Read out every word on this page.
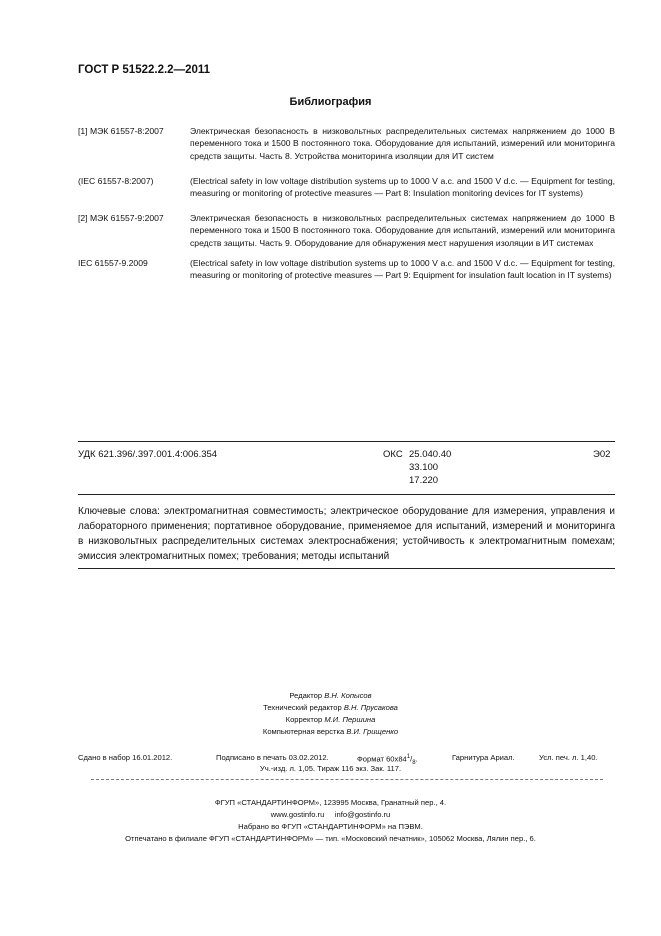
ГОСТ Р 51522.2.2—2011
Библиография
[1] МЭК 61557-8:2007	Электрическая безопасность в низковольтных распределительных системах напряжением до 1000 В переменного тока и 1500 В постоянного тока. Оборудование для испытаний, измерений или мониторинга средств защиты. Часть 8. Устройства мониторинга изоляции для ИТ систем
(IEC 61557-8:2007)	(Electrical safety in low voltage distribution systems up to 1000 V a.c. and 1500 V d.c. — Equipment for testing, measuring or monitoring of protective measures — Part 8: Insulation monitoring devices for IT systems)
[2] МЭК 61557-9:2007	Электрическая безопасность в низковольтных распределительных системах напряжением до 1000 В переменного тока и 1500 В постоянного тока. Оборудование для испытаний, измерений или мониторинга средств защиты. Часть 9. Оборудование для обнаружения мест нарушения изоляции в ИТ системах
IEC 61557-9.2009	(Electrical safety in low voltage distribution systems up to 1000 V a.c. and 1500 V d.c. — Equipment for testing, measuring or monitoring of protective measures — Part 9: Equipment for insulation fault location in IT systems)
УДК 621.396/.397.001.4:006.354	ОКС 25.040.40
33.100
17.220
Э02
Ключевые слова: электромагнитная совместимость; электрическое оборудование для измерения, управления и лабораторного применения; портативное оборудование, применяемое для испытаний, измерений и мониторинга в низковольтных распределительных системах электроснабжения; устойчивость к электромагнитным помехам; эмиссия электромагнитных помех; требования; методы испытаний
Редактор В.Н. Копысов
Технический редактор В.Н. Прусакова
Корректор М.И. Першина
Компьютерная верстка В.И. Грищенко
Сдано в набор 16.01.2012.	Подписано в печать 03.02.2012.	Формат $60x84^1/_8$.	Гарнитура Ариал.	Усл. печ. л. 1,40.
Уч.-изд. л. 1,05. Тираж 116 экз. Зак. 117.
ФГУП «СТАНДАРТИНФОРМ», 123995 Москва, Гранатный пер., 4.
www.gostinfo.ru info@gostinfo.ru
Набрано во ФГУП «СТАНДАРТИНФОРМ» на ПЭВМ.
Отпечатано в филиале ФГУП «СТАНДАРТИНФОРМ» — тип. «Московский печатник», 105062 Москва, Лялин пер., 6.
